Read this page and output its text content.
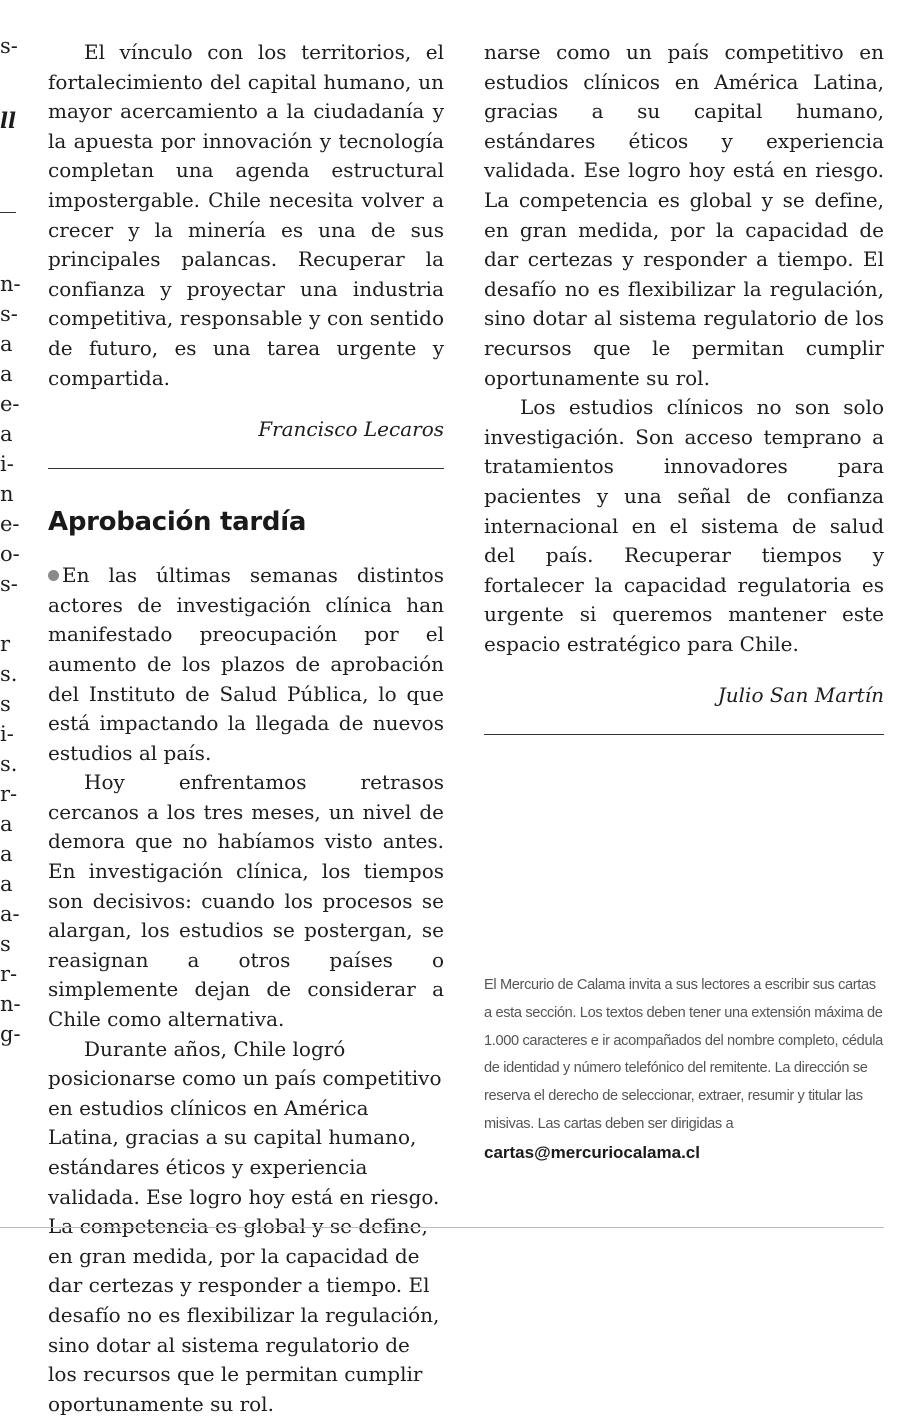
s-
ll
n-
s-
a
a
e-
a
i-
n
e-
o-
s-
r
s.
s
i-
s.
r-
a
a
a
a-
s
r-
n-
g-

El vínculo con los territorios, el fortalecimiento del capital humano, un mayor acercamiento a la ciudadanía y la apuesta por innovación y tecnología completan una agenda estructural impostergable. Chile necesita volver a crecer y la minería es una de sus principales palancas. Recuperar la confianza y proyectar una industria competitiva, responsable y con sentido de futuro, es una tarea urgente y compartida.

Francisco Lecaros
Aprobación tardía

En las últimas semanas distintos actores de investigación clínica han manifestado preocupación por el aumento de los plazos de aprobación del Instituto de Salud Pública, lo que está impactando la llegada de nuevos estudios al país.

Hoy enfrentamos retrasos cercanos a los tres meses, un nivel de demora que no habíamos visto antes. En investigación clínica, los tiempos son decisivos: cuando los procesos se alargan, los estudios se postergan, se reasignan a otros países o simplemente dejan de considerar a Chile como alternativa.

Durante años, Chile logró posicionarse como un país competitivo en estudios clínicos en América Latina, gracias a su capital humano, estándares éticos y experiencia validada. Ese logro hoy está en riesgo. La competencia es global y se define, en gran medida, por la capacidad de dar certezas y responder a tiempo. El desafío no es flexibilizar la regulación, sino dotar al sistema regulatorio de los recursos que le permitan cumplir oportunamente su rol.

narse como un país competitivo en estudios clínicos en América Latina, gracias a su capital humano, estándares éticos y experiencia validada. Ese logro hoy está en riesgo. La competencia es global y se define, en gran medida, por la capacidad de dar certezas y responder a tiempo. El desafío no es flexibilizar la regulación, sino dotar al sistema regulatorio de los recursos que le permitan cumplir oportunamente su rol.

Los estudios clínicos no son solo investigación. Son acceso temprano a tratamientos innovadores para pacientes y una señal de confianza internacional en el sistema de salud del país. Recuperar tiempos y fortalecer la capacidad regulatoria es urgente si queremos mantener este espacio estratégico para Chile.

Julio San Martín
El Mercurio de Calama invita a sus lectores a escribir sus cartas a esta sección. Los textos deben tener una extensión máxima de 1.000 caracteres e ir acompañados del nombre completo, cédula de identidad y número telefónico del remitente. La dirección se reserva el derecho de seleccionar, extraer, resumir y titular las misivas. Las cartas deben ser dirigidas a
cartas@mercuriocalama.cl
